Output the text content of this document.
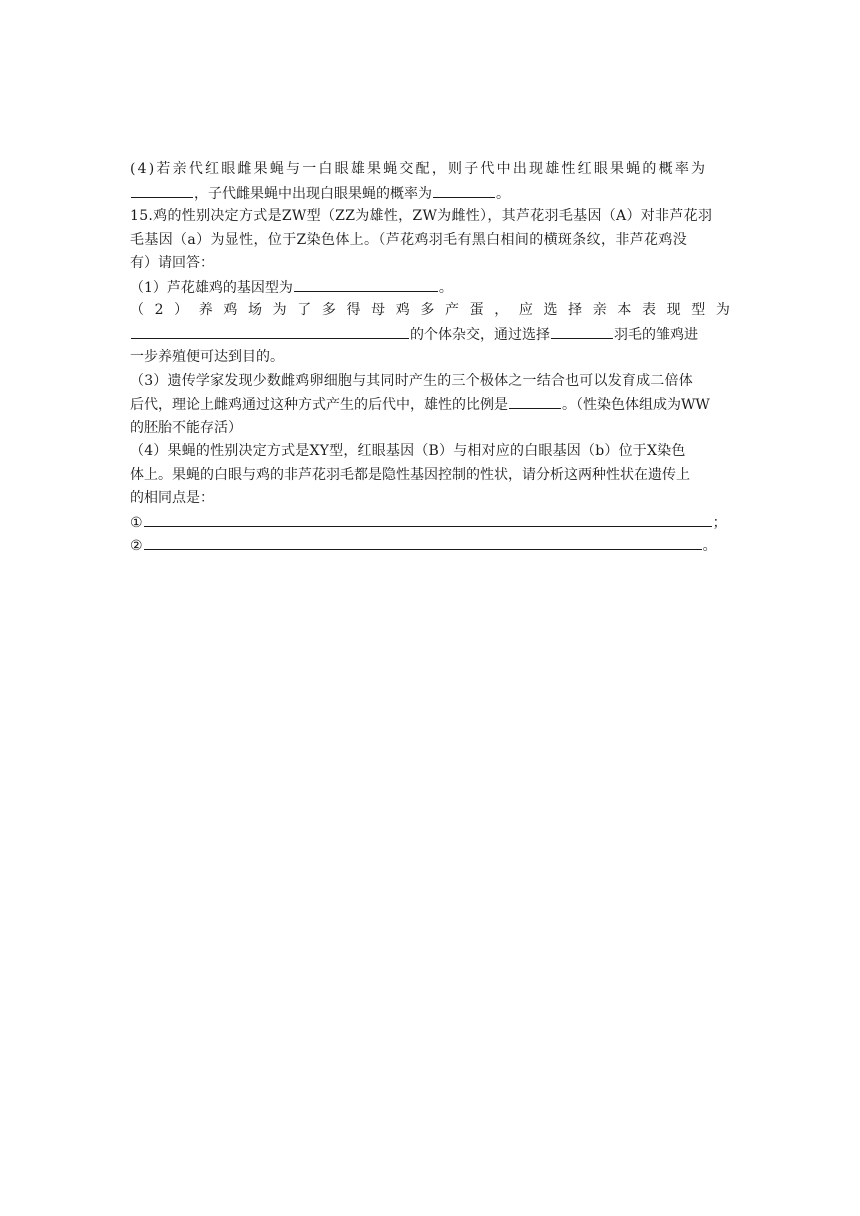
(4)若亲代红眼雌果蝇与一白眼雄果蝇交配，则子代中出现雄性红眼果蝇的概率为
，子代雌果蝇中出现白眼果蝇的概率为	。
15.鸡的性别决定方式是ZW型（ZZ为雄性，ZW为雌性），其芦花羽毛基因（A）对非芦花羽
毛基因（a）为显性，位于Z染色体上。（芦花鸡羽毛有黑白相间的横斑条纹，非芦花鸡没
有）请回答：
（1）芦花雄鸡的基因型为	。
（ 2 ） 养 鸡 场 为 了 多 得 母 鸡 多 产 蛋 ， 应 选 择 亲 本 表 现 型 为
的个体杂交，通过选择	羽毛的雏鸡进
一步养殖便可达到目的。
（3）遗传学家发现少数雌鸡卵细胞与其同时产生的三个极体之一结合也可以发育成二倍体
后代，理论上雌鸡通过这种方式产生的后代中，雄性的比例是	。（性染色体组成为WW
的胚胎不能存活）
（4）果蝇的性别决定方式是XY型，红眼基因（B）与相对应的白眼基因（b）位于X染色
体上。果蝇的白眼与鸡的非芦花羽毛都是隐性基因控制的性状，请分析这两种性状在遗传上
的相同点是：
①	；
②	。
